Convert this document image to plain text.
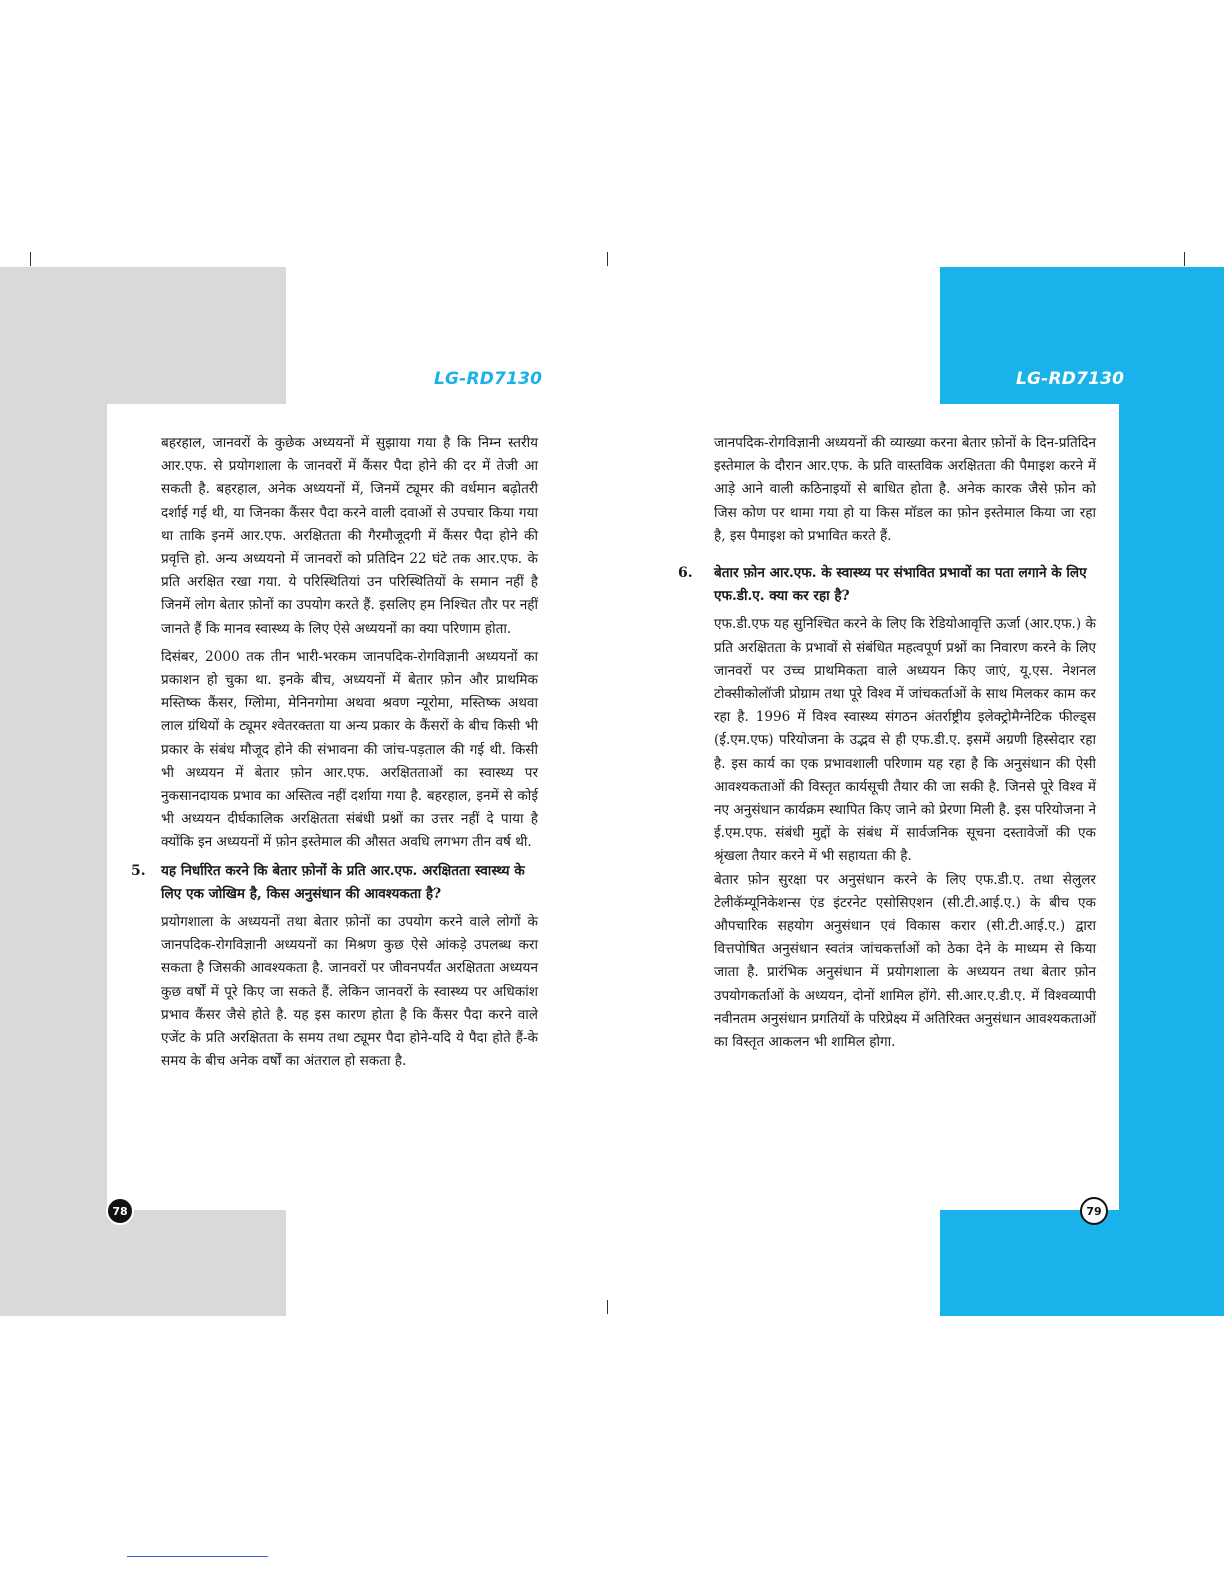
LG-RD7130	LG-RD7130

बहरहाल, जानवरों के कुछेक अध्ययनों में सुझाया गया है कि निम्न स्तरीय आर.एफ. से प्रयोगशाला के जानवरों में कैंसर पैदा होने की दर में तेजी आ सकती है. बहरहाल, अनेक अध्ययनों में, जिनमें ट्यूमर की वर्धमान बढ़ोतरी दर्शाई गई थी, या जिनका कैंसर पैदा करने वाली दवाओं से उपचार किया गया था ताकि इनमें आर.एफ. अरक्षितता की गैरमौजूदगी में कैंसर पैदा होने की प्रवृत्ति हो. अन्य अध्ययनो में जानवरों को प्रतिदिन 22 घंटे तक आर.एफ. के प्रति अरक्षित रखा गया. ये परिस्थितियां उन परिस्थितियों के समान नहीं है जिनमें लोग बेतार फ़ोनों का उपयोग करते हैं. इसलिए हम निश्चित तौर पर नहीं जानते हैं कि मानव स्वास्थ्य के लिए ऐसे अध्ययनों का क्या परिणाम होता.

दिसंबर, 2000 तक तीन भारी-भरकम जानपदिक-रोगविज्ञानी अध्ययनों का प्रकाशन हो चुका था. इनके बीच, अध्ययनों में बेतार फ़ोन और प्राथमिक मस्तिष्क कैंसर, ग्लिोमा, मेनिनगोमा अथवा श्रवण न्यूरोमा, मस्तिष्क अथवा लाल ग्रंथियों के ट्यूमर श्वेतरक्तता या अन्य प्रकार के कैंसरों के बीच किसी भी प्रकार के संबंध मौजूद होने की संभावना की जांच-पड़ताल की गई थी. किसी भी अध्ययन में बेतार फ़ोन आर.एफ. अरक्षितताओं का स्वास्थ्य पर नुकसानदायक प्रभाव का अस्तित्व नहीं दर्शाया गया है. बहरहाल, इनमें से कोई भी अध्ययन दीर्घकालिक अरक्षितता संबंधी प्रश्नों का उत्तर नहीं दे पाया है क्योंकि इन अध्ययनों में फ़ोन इस्तेमाल की औसत अवधि लगभग तीन वर्ष थी.

5. यह निर्धारित करने कि बेतार फ़ोनों के प्रति आर.एफ. अरक्षितता स्वास्थ्य के लिए एक जोखिम है, किस अनुसंधान की आवश्यकता है?

प्रयोगशाला के अध्ययनों तथा बेतार फ़ोनों का उपयोग करने वाले लोगों के जानपदिक-रोगविज्ञानी अध्ययनों का मिश्रण कुछ ऐसे आंकड़े उपलब्ध करा सकता है जिसकी आवश्यकता है. जानवरों पर जीवनपर्यंत अरक्षितता अध्ययन कुछ वर्षों में पूरे किए जा सकते हैं. लेकिन जानवरों के स्वास्थ्य पर अधिकांश प्रभाव कैंसर जैसे होते है. यह इस कारण होता है कि कैंसर पैदा करने वाले एजेंट के प्रति अरक्षितता के समय तथा ट्यूमर पैदा होने-यदि ये पैदा होते हैं-के समय के बीच अनेक वर्षों का अंतराल हो सकता है.

जानपदिक-रोगविज्ञानी अध्ययनों की व्याख्या करना बेतार फ़ोनों के दिन-प्रतिदिन इस्तेमाल के दौरान आर.एफ. के प्रति वास्तविक अरक्षितता की पैमाइश करने में आड़े आने वाली कठिनाइयों से बाधित होता है. अनेक कारक जैसे फ़ोन को जिस कोण पर थामा गया हो या किस मॉडल का फ़ोन इस्तेमाल किया जा रहा है, इस पैमाइश को प्रभावित करते हैं.

6. बेतार फ़ोन आर.एफ. के स्वास्थ्य पर संभावित प्रभावों का पता लगाने के लिए एफ.डी.ए. क्या कर रहा है?

एफ.डी.एफ यह सुनिश्चित करने के लिए कि रेडियोआवृत्ति ऊर्जा (आर.एफ.) के प्रति अरक्षितता के प्रभावों से संबंधित महत्वपूर्ण प्रश्नों का निवारण करने के लिए जानवरों पर उच्च प्राथमिकता वाले अध्ययन किए जाएं, यू.एस. नेशनल टोक्सीकोलॉजी प्रोग्राम तथा पूरे विश्व में जांचकर्ताओं के साथ मिलकर काम कर रहा है. 1996 में विश्व स्वास्थ्य संगठन अंतर्राष्ट्रीय इलेक्ट्रोमैग्नेटिक फील्ड्स (ई.एम.एफ) परियोजना के उद्भव से ही एफ.डी.ए. इसमें अग्रणी हिस्सेदार रहा है. इस कार्य का एक प्रभावशाली परिणाम यह रहा है कि अनुसंधान की ऐसी आवश्यकताओं की विस्तृत कार्यसूची तैयार की जा सकी है. जिनसे पूरे विश्व में नए अनुसंधान कार्यक्रम स्थापित किए जाने को प्रेरणा मिली है. इस परियोजना ने ई.एम.एफ. संबंधी मुद्दों के संबंध में सार्वजनिक सूचना दस्तावेजों की एक श्रृंखला तैयार करने में भी सहायता की है.

बेतार फ़ोन सुरक्षा पर अनुसंधान करने के लिए एफ.डी.ए. तथा सेलुलर टेलीकॅम्यूनिकेशन्स एंड इंटरनेट एसोसिएशन (सी.टी.आई.ए.) के बीच एक औपचारिक सहयोग अनुसंधान एवं विकास करार (सी.टी.आई.ए.) द्वारा वित्तपोषित अनुसंधान स्वतंत्र जांचकर्त्ताओं को ठेका देने के माध्यम से किया जाता है. प्रारंभिक अनुसंधान में प्रयोगशाला के अध्ययन तथा बेतार फ़ोन उपयोगकर्ताओं के अध्ययन, दोनों शामिल होंगे. सी.आर.ए.डी.ए. में विश्वव्यापी नवीनतम अनुसंधान प्रगतियों के परिप्रेक्ष्य में अतिरिक्त अनुसंधान आवश्यकताओं का विस्तृत आकलन भी शामिल होगा.

78	79
